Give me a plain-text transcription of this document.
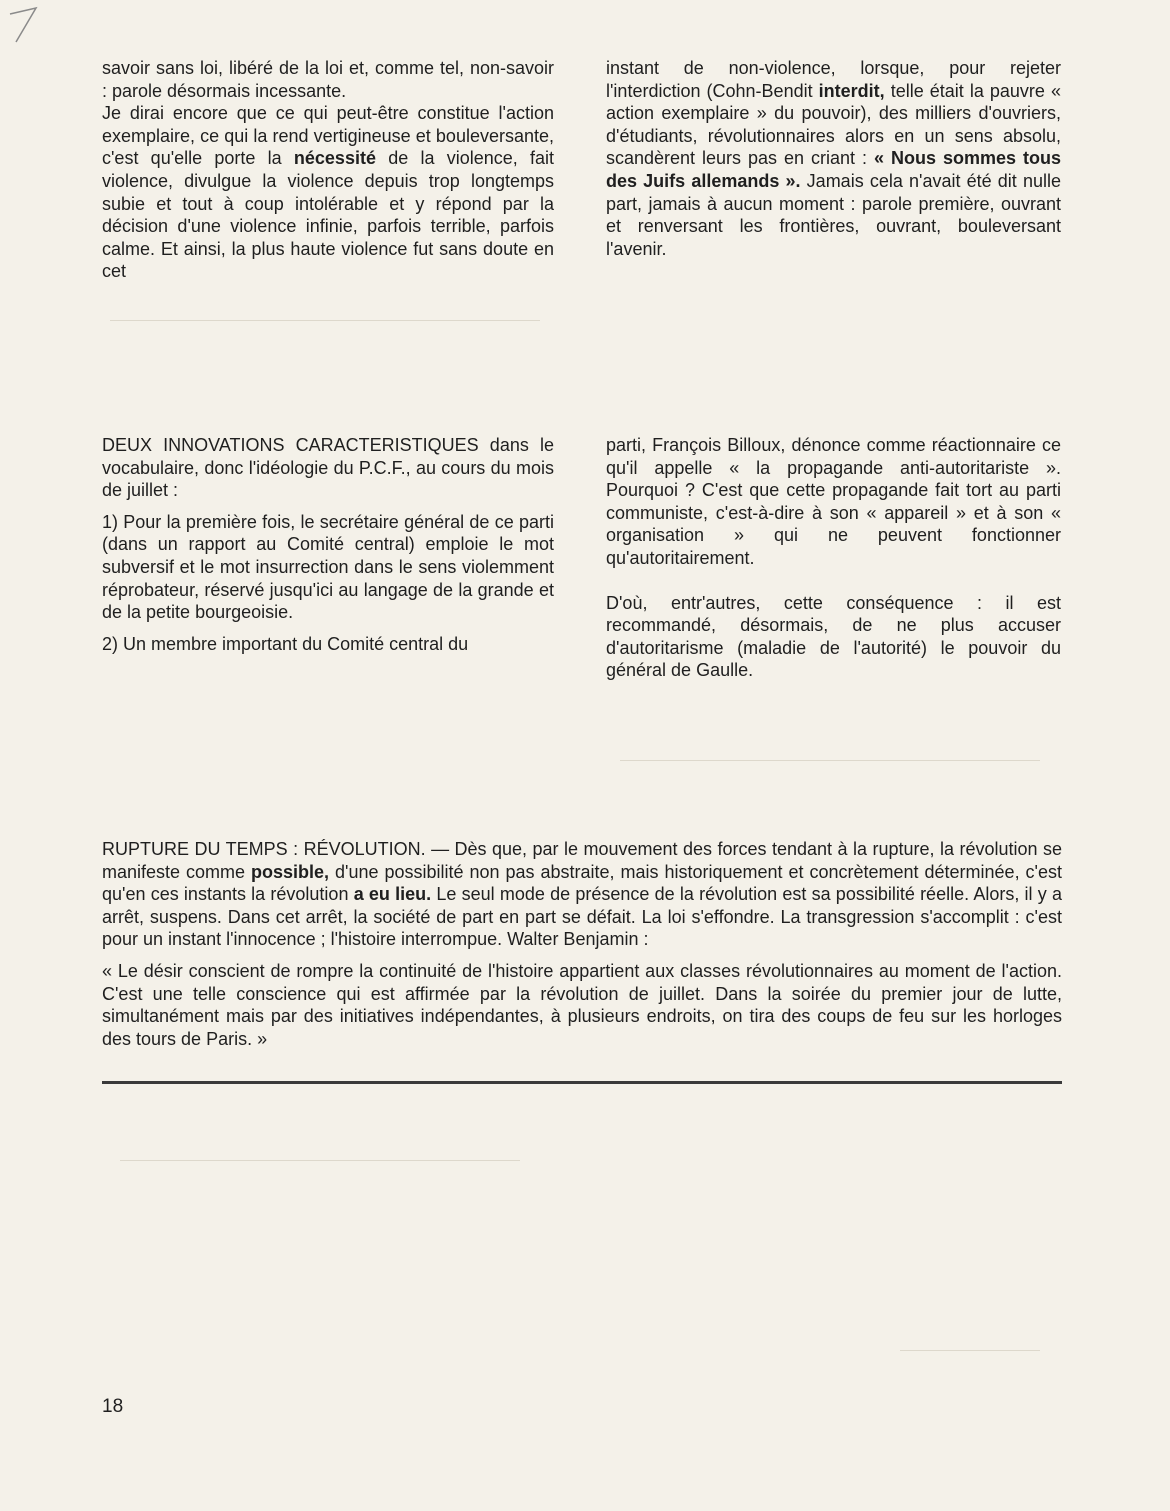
savoir sans loi, libéré de la loi et, comme tel, non-savoir : parole désormais incessante.

Je dirai encore que ce qui peut-être constitue l'action exemplaire, ce qui la rend vertigineuse et bouleversante, c'est qu'elle porte la nécessité de la violence, fait violence, divulgue la violence depuis trop longtemps subie et tout à coup intolérable et y répond par la décision d'une violence infinie, parfois terrible, parfois calme. Et ainsi, la plus haute violence fut sans doute en cet

instant de non-violence, lorsque, pour rejeter l'interdiction (Cohn-Bendit interdit, telle était la pauvre « action exemplaire » du pouvoir), des milliers d'ouvriers, d'étudiants, révolutionnaires alors en un sens absolu, scandèrent leurs pas en criant : « Nous sommes tous des Juifs allemands ». Jamais cela n'avait été dit nulle part, jamais à aucun moment : parole première, ouvrant et renversant les frontières, ouvrant, bouleversant l'avenir.

DEUX INNOVATIONS CARACTERISTIQUES dans le vocabulaire, donc l'idéologie du P.C.F., au cours du mois de juillet :

1) Pour la première fois, le secrétaire général de ce parti (dans un rapport au Comité central) emploie le mot subversif et le mot insurrection dans le sens violemment réprobateur, réservé jusqu'ici au langage de la grande et de la petite bourgeoisie.

2) Un membre important du Comité central du

parti, François Billoux, dénonce comme réactionnaire ce qu'il appelle « la propagande anti-autoritariste ». Pourquoi ? C'est que cette propagande fait tort au parti communiste, c'est-à-dire à son « appareil » et à son « organisation » qui ne peuvent fonctionner qu'autoritairement.

D'où, entr'autres, cette conséquence : il est recommandé, désormais, de ne plus accuser d'autoritarisme (maladie de l'autorité) le pouvoir du général de Gaulle.

RUPTURE DU TEMPS : RÉVOLUTION. — Dès que, par le mouvement des forces tendant à la rupture, la révolution se manifeste comme possible, d'une possibilité non pas abstraite, mais historiquement et concrètement déterminée, c'est qu'en ces instants la révolution a eu lieu. Le seul mode de présence de la révolution est sa possibilité réelle. Alors, il y a arrêt, suspens. Dans cet arrêt, la société de part en part se défait. La loi s'effondre. La transgression s'accomplit : c'est pour un instant l'innocence ; l'histoire interrompue. Walter Benjamin :

« Le désir conscient de rompre la continuité de l'histoire appartient aux classes révolutionnaires au moment de l'action. C'est une telle conscience qui est affirmée par la révolution de juillet. Dans la soirée du premier jour de lutte, simultanément mais par des initiatives indépendantes, à plusieurs endroits, on tira des coups de feu sur les horloges des tours de Paris. »

18
